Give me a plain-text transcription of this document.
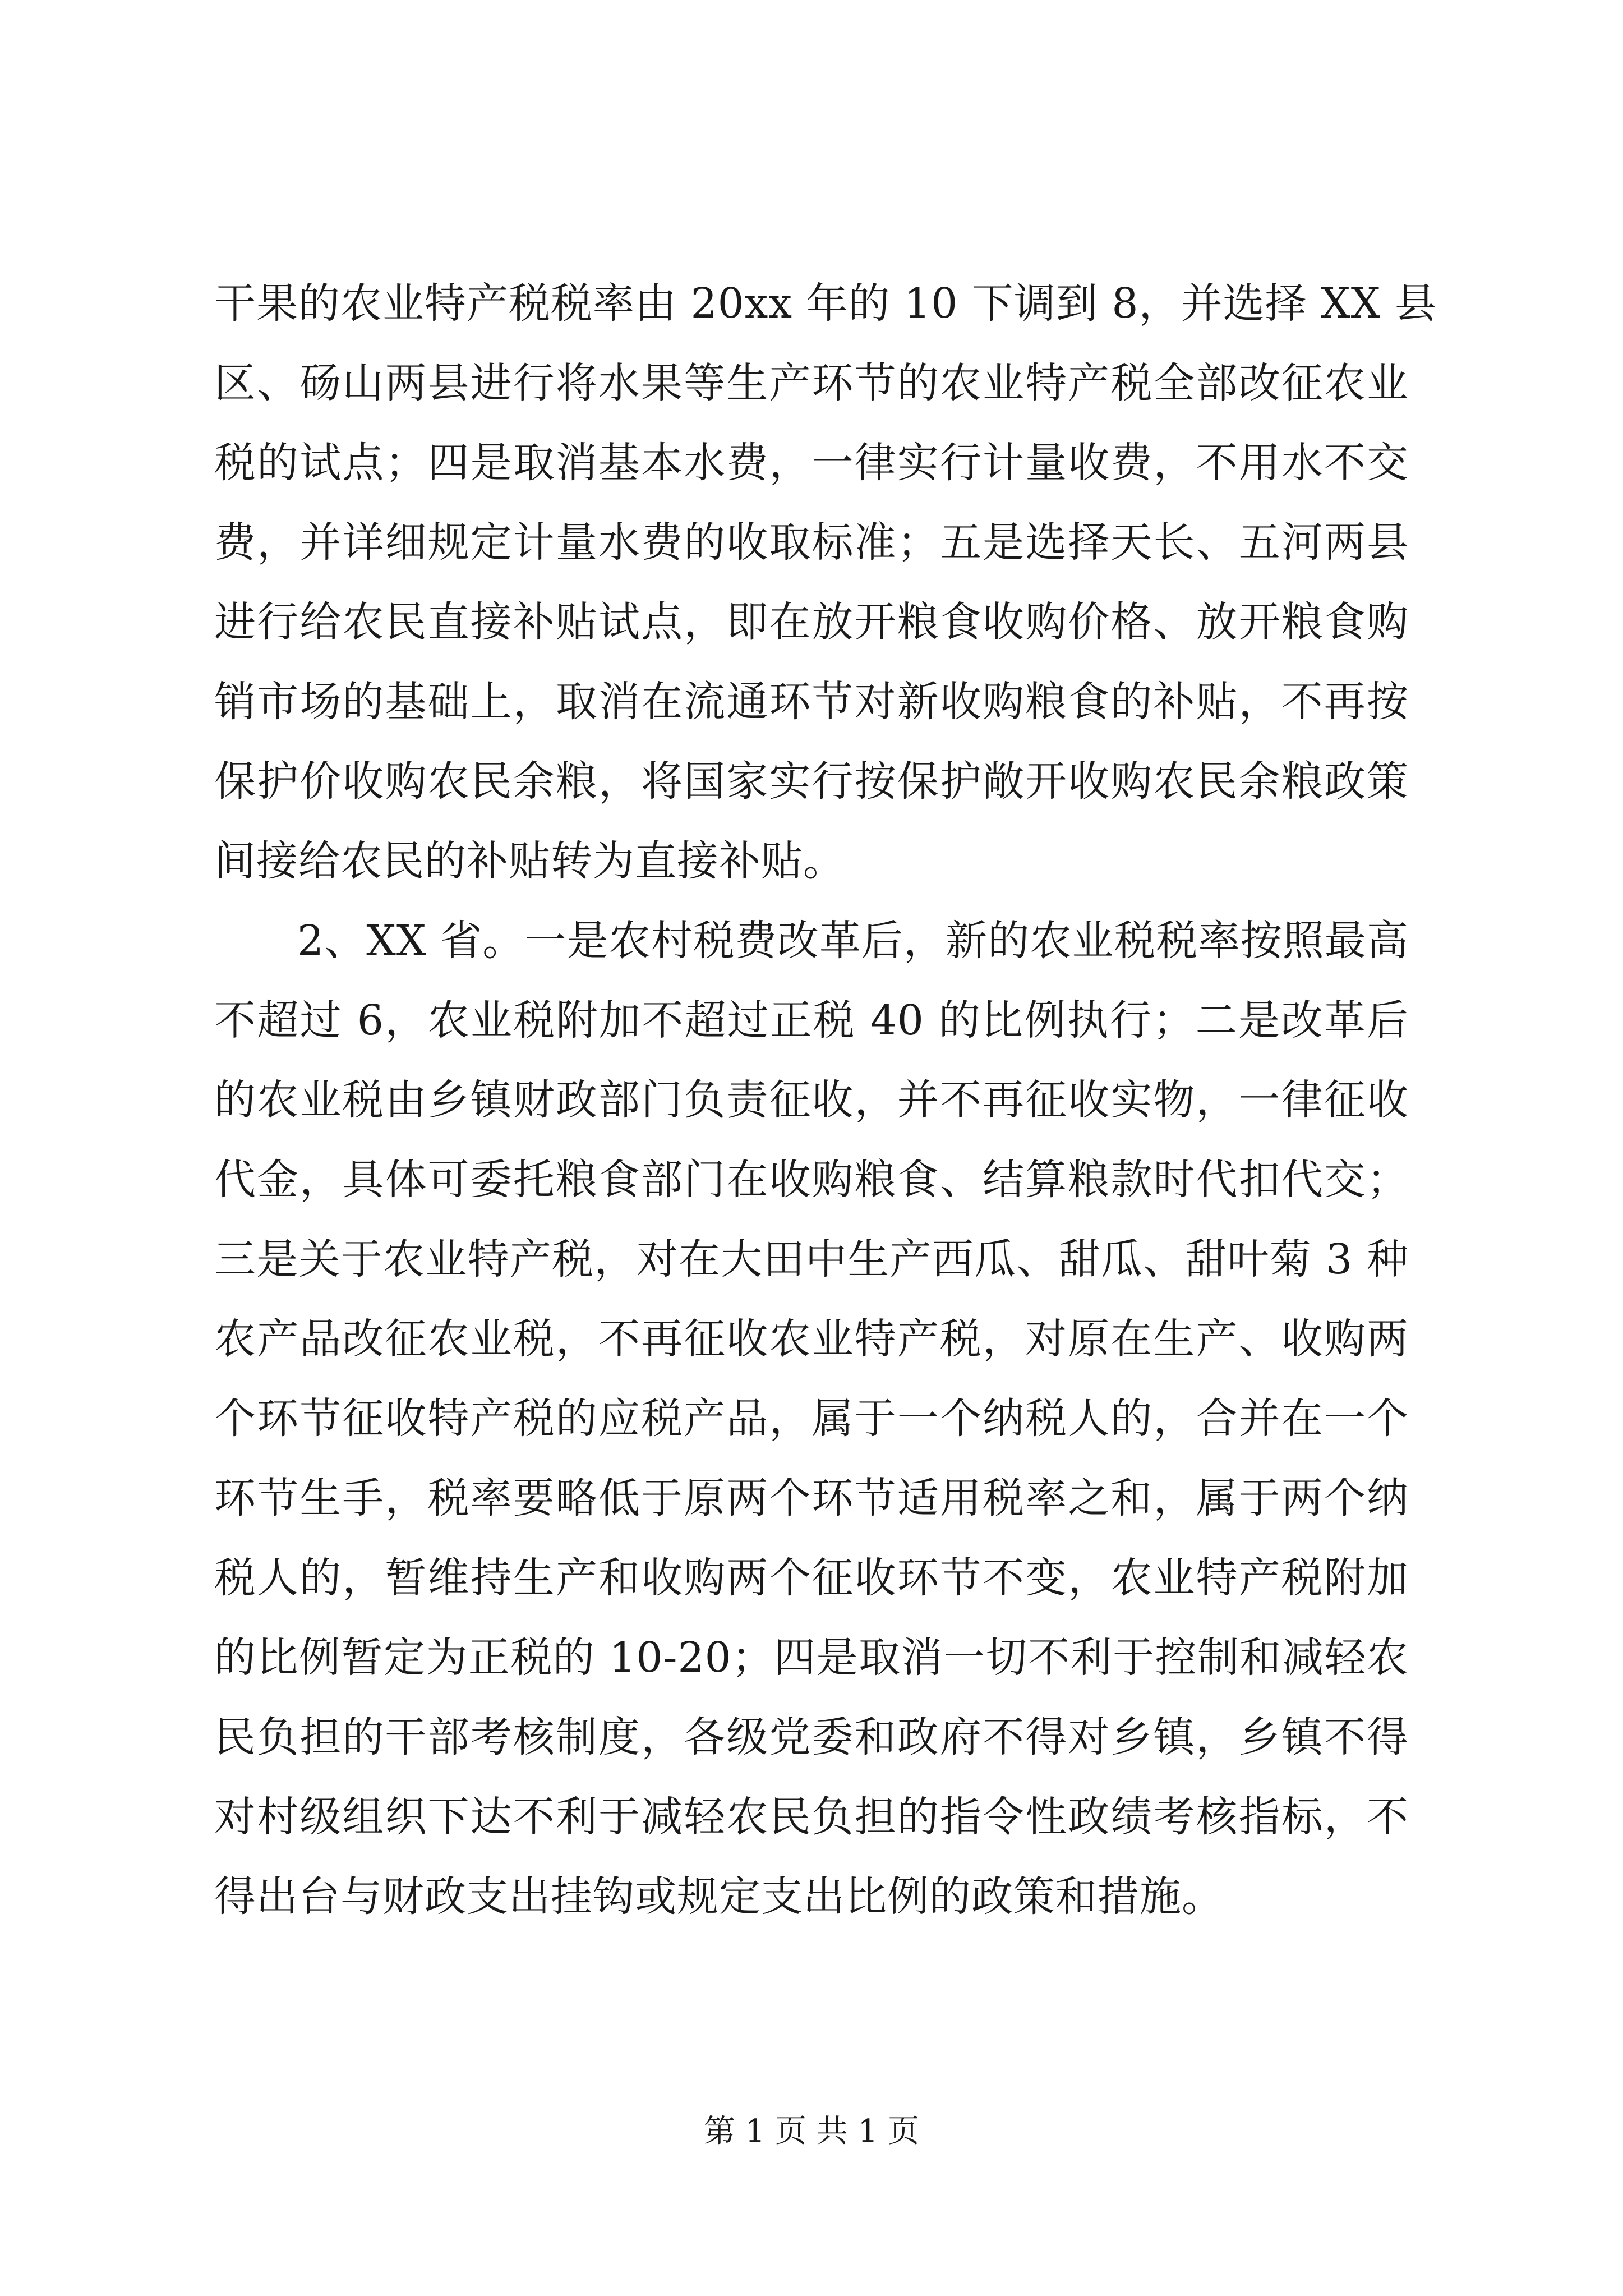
干果的农业特产税税率由 20xx 年的 10 下调到 8，并选择 XX 县
区、砀山两县进行将水果等生产环节的农业特产税全部改征农业
税的试点；四是取消基本水费，一律实行计量收费，不用水不交
费，并详细规定计量水费的收取标准；五是选择天长、五河两县
进行给农民直接补贴试点，即在放开粮食收购价格、放开粮食购
销市场的基础上，取消在流通环节对新收购粮食的补贴，不再按
保护价收购农民余粮，将国家实行按保护敞开收购农民余粮政策
间接给农民的补贴转为直接补贴。
2、XX 省。一是农村税费改革后，新的农业税税率按照最高
不超过 6，农业税附加不超过正税 40 的比例执行；二是改革后
的农业税由乡镇财政部门负责征收，并不再征收实物，一律征收
代金，具体可委托粮食部门在收购粮食、结算粮款时代扣代交；
三是关于农业特产税，对在大田中生产西瓜、甜瓜、甜叶菊 3 种
农产品改征农业税，不再征收农业特产税，对原在生产、收购两
个环节征收特产税的应税产品，属于一个纳税人的，合并在一个
环节生手，税率要略低于原两个环节适用税率之和，属于两个纳
税人的，暂维持生产和收购两个征收环节不变，农业特产税附加
的比例暂定为正税的 10-20；四是取消一切不利于控制和减轻农
民负担的干部考核制度，各级党委和政府不得对乡镇，乡镇不得
对村级组织下达不利于减轻农民负担的指令性政绩考核指标，不
得出台与财政支出挂钩或规定支出比例的政策和措施。
第 1 页 共 1 页
